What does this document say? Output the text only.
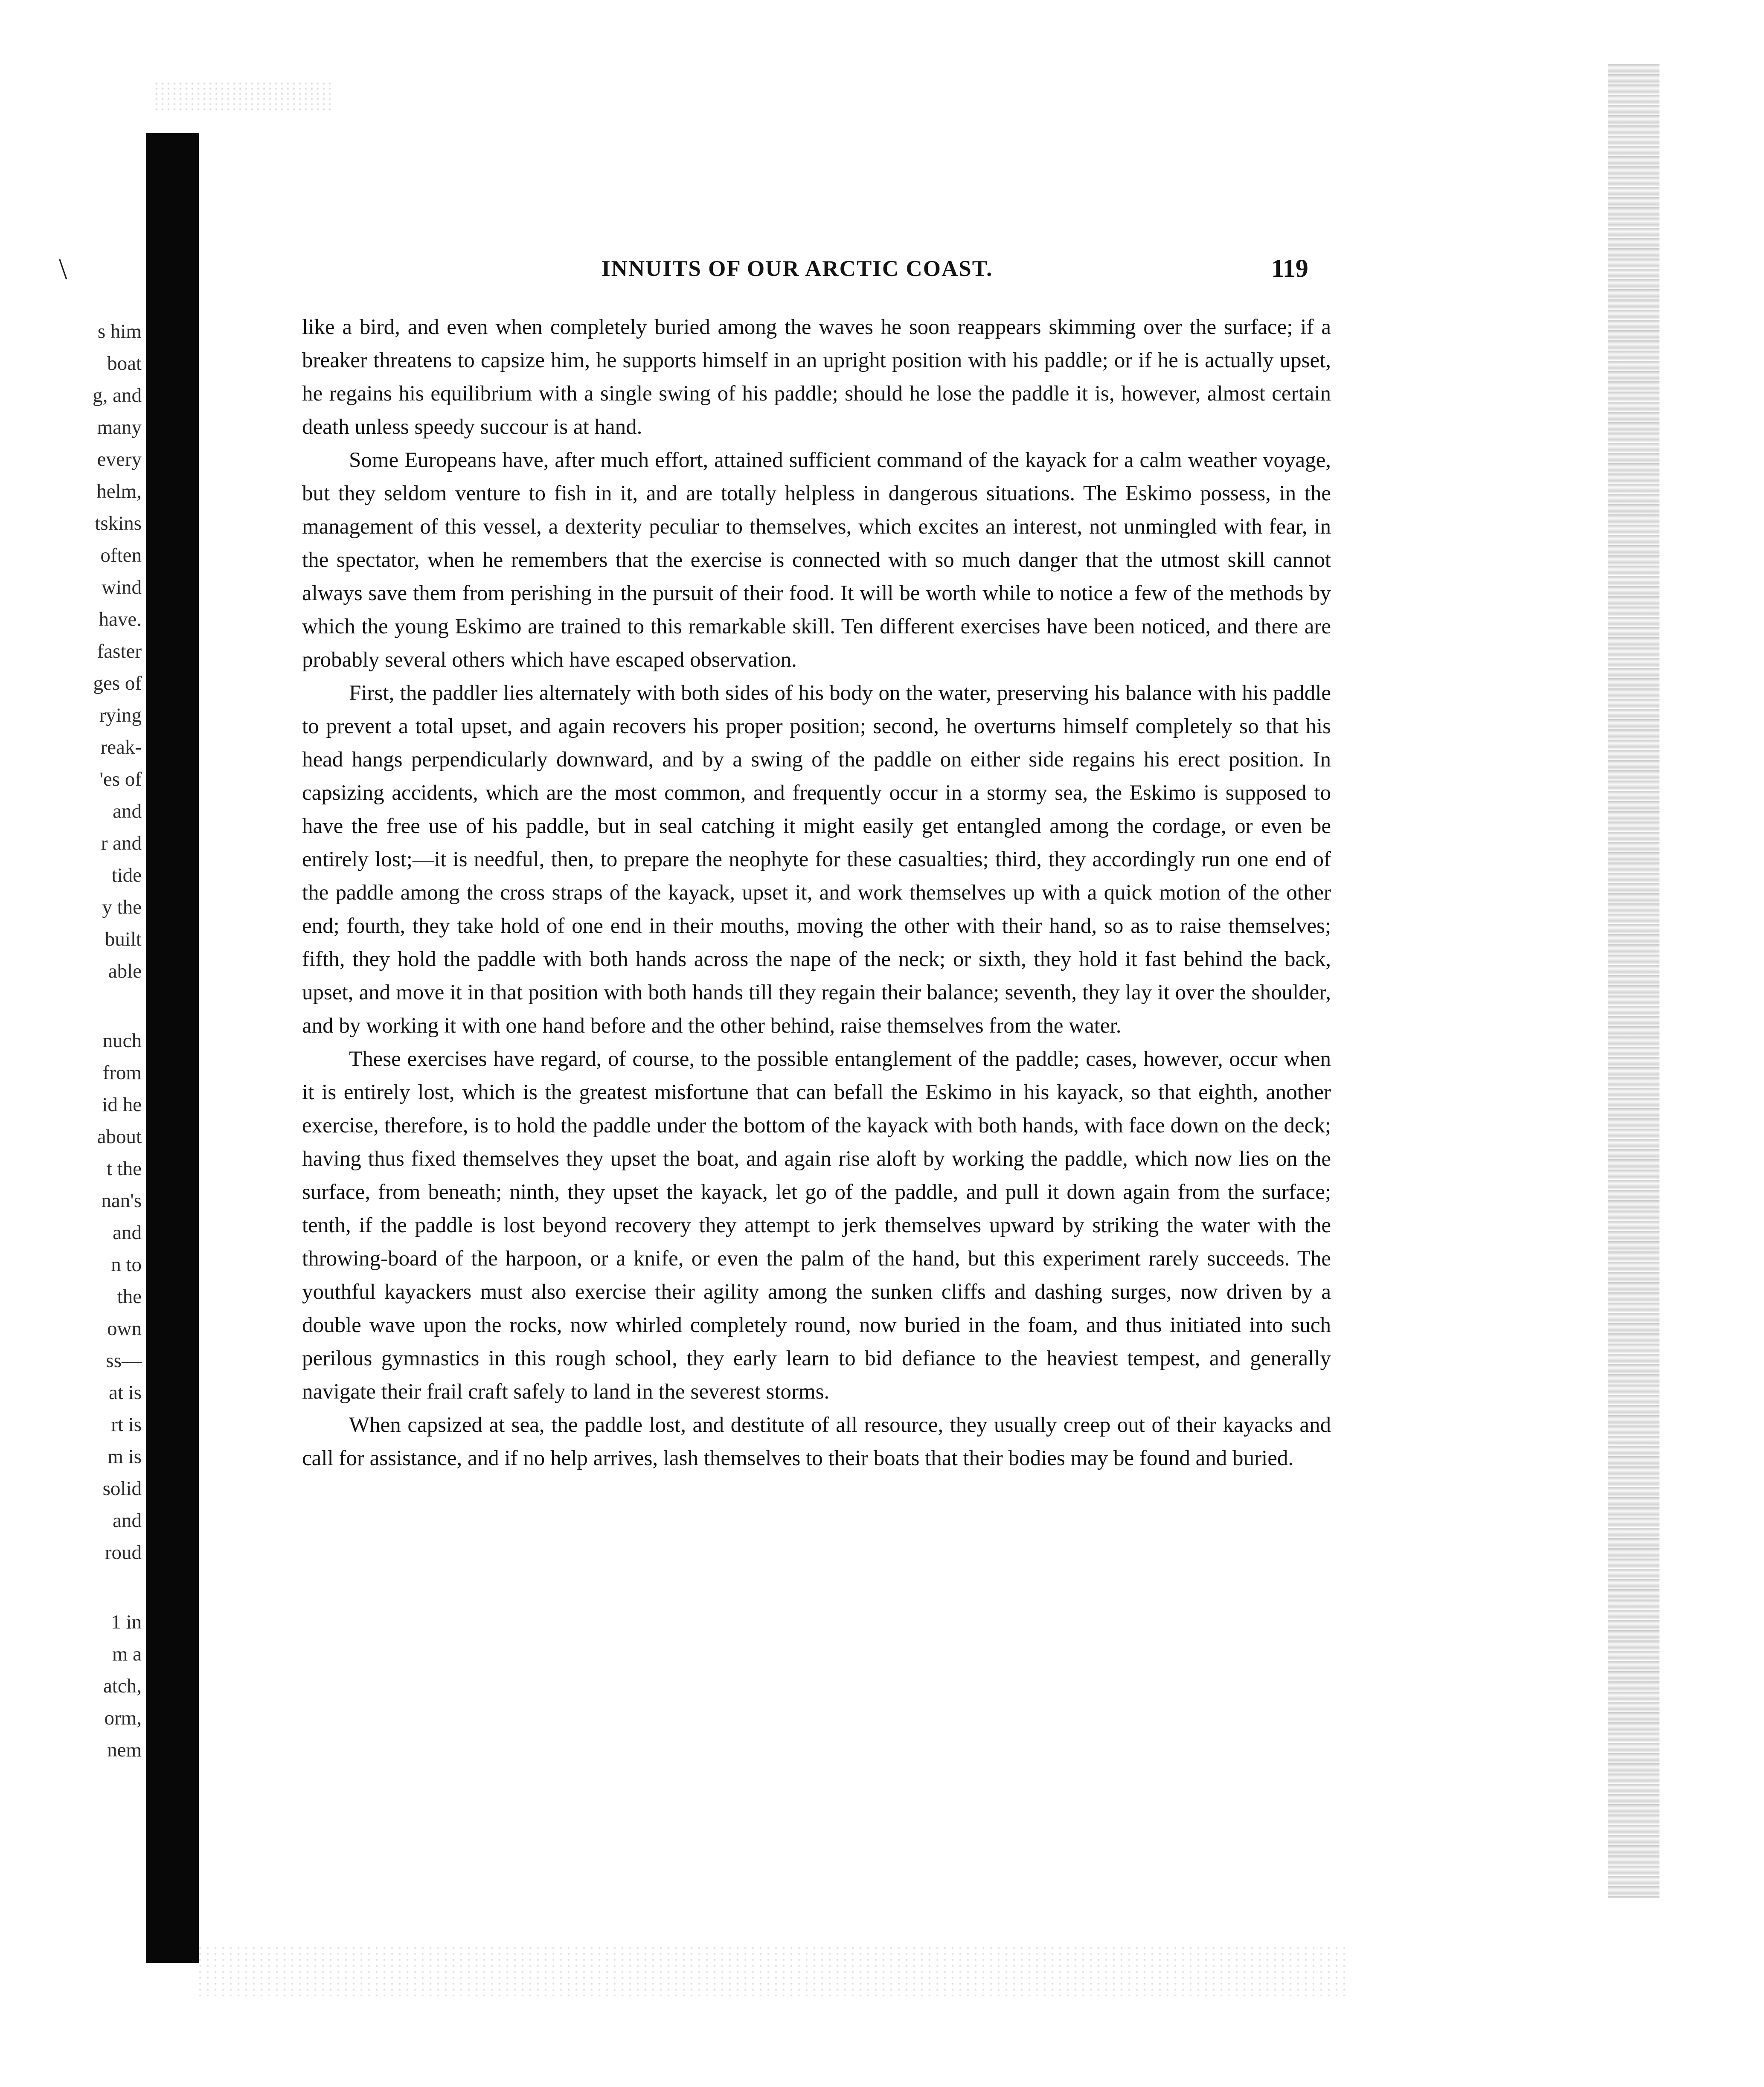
\
s him
boat
g, and
many
every
helm,
tskins
often
wind
have.
faster
ges of
rying
reak-
'es of
and
r and
tide
y the
built
able
nuch
from
id he
about
t the
nan's
and
n to
the
own
ss—
at is
rt is
m is
solid
and
roud
1 in
m a
atch,
orm,
nem
INNUITS OF OUR ARCTIC COAST.	119

like a bird, and even when completely buried among the waves he soon reappears skimming over the surface; if a breaker threatens to capsize him, he supports himself in an upright position with his paddle; or if he is actually upset, he regains his equilibrium with a single swing of his paddle; should he lose the paddle it is, however, almost certain death unless speedy succour is at hand.

Some Europeans have, after much effort, attained sufficient command of the kayack for a calm weather voyage, but they seldom venture to fish in it, and are totally helpless in dangerous situations. The Eskimo possess, in the management of this vessel, a dexterity peculiar to themselves, which excites an interest, not unmingled with fear, in the spectator, when he remembers that the exercise is connected with so much danger that the utmost skill cannot always save them from perishing in the pursuit of their food. It will be worth while to notice a few of the methods by which the young Eskimo are trained to this remarkable skill. Ten different exercises have been noticed, and there are probably several others which have escaped observation.

First, the paddler lies alternately with both sides of his body on the water, preserving his balance with his paddle to prevent a total upset, and again recovers his proper position; second, he overturns himself completely so that his head hangs perpendicularly downward, and by a swing of the paddle on either side regains his erect position. In capsizing accidents, which are the most common, and frequently occur in a stormy sea, the Eskimo is supposed to have the free use of his paddle, but in seal catching it might easily get entangled among the cordage, or even be entirely lost;—it is needful, then, to prepare the neophyte for these casualties; third, they accordingly run one end of the paddle among the cross straps of the kayack, upset it, and work themselves up with a quick motion of the other end; fourth, they take hold of one end in their mouths, moving the other with their hand, so as to raise themselves; fifth, they hold the paddle with both hands across the nape of the neck; or sixth, they hold it fast behind the back, upset, and move it in that position with both hands till they regain their balance; seventh, they lay it over the shoulder, and by working it with one hand before and the other behind, raise themselves from the water.

These exercises have regard, of course, to the possible entanglement of the paddle; cases, however, occur when it is entirely lost, which is the greatest misfortune that can befall the Eskimo in his kayack, so that eighth, another exercise, therefore, is to hold the paddle under the bottom of the kayack with both hands, with face down on the deck; having thus fixed themselves they upset the boat, and again rise aloft by working the paddle, which now lies on the surface, from beneath; ninth, they upset the kayack, let go of the paddle, and pull it down again from the surface; tenth, if the paddle is lost beyond recovery they attempt to jerk themselves upward by striking the water with the throwing-board of the harpoon, or a knife, or even the palm of the hand, but this experiment rarely succeeds. The youthful kayackers must also exercise their agility among the sunken cliffs and dashing surges, now driven by a double wave upon the rocks, now whirled completely round, now buried in the foam, and thus initiated into such perilous gymnastics in this rough school, they early learn to bid defiance to the heaviest tempest, and generally navigate their frail craft safely to land in the severest storms.

When capsized at sea, the paddle lost, and destitute of all resource, they usually creep out of their kayacks and call for assistance, and if no help arrives, lash themselves to their boats that their bodies may be found and buried.
